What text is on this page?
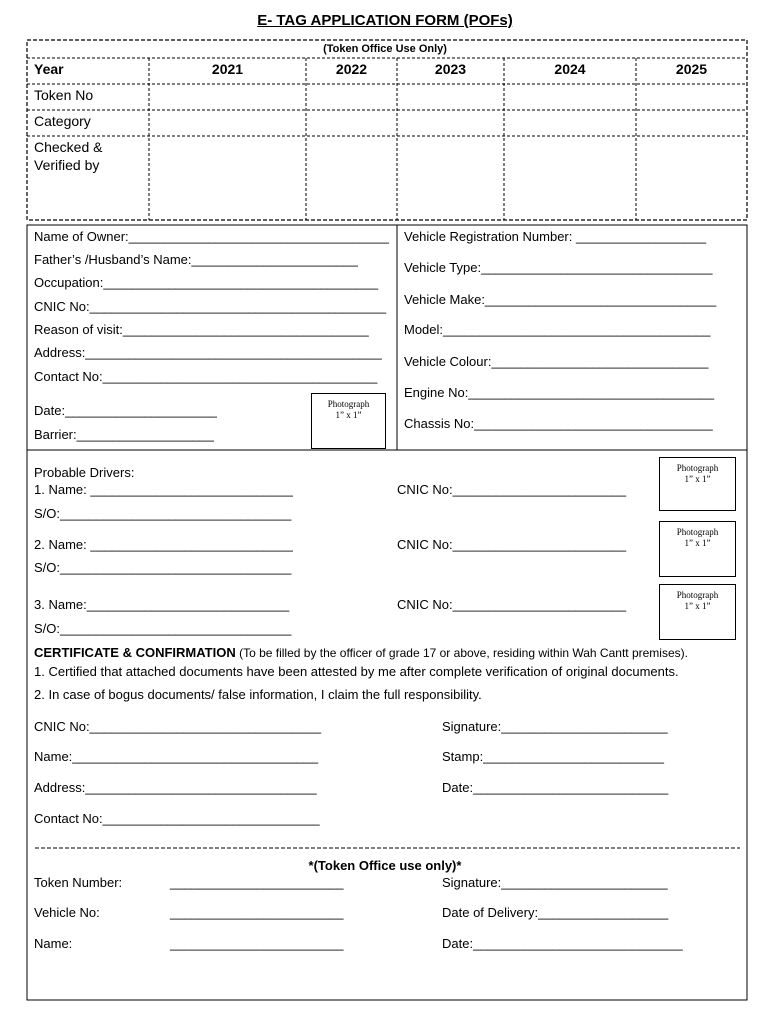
E- TAG APPLICATION FORM (POFs)
(Token Office Use Only)
Year	2021	2022	2023	2024	2025
Token No
Category
Checked &
Verified by
Name of Owner:____________________________________
Father’s /Husband’s Name:_______________________
Occupation:______________________________________
CNIC No:_________________________________________
Reason of visit:__________________________________
Address:_________________________________________
Contact No:______________________________________
Date:_____________________
Barrier:___________________
Photograph
1” x 1”
Vehicle Registration Number: __________________
Vehicle Type:________________________________
Vehicle Make:________________________________
Model:_____________________________________
Vehicle Colour:______________________________
Engine No:__________________________________
Chassis No:_________________________________
Probable Drivers:
1. Name: ____________________________	CNIC No:________________________
S/O:________________________________
2. Name: ____________________________	CNIC No:________________________
S/O:________________________________
3. Name:____________________________	CNIC No:________________________
S/O:________________________________
Photograph
1” x 1”
Photograph
1” x 1”
Photograph
1” x 1”
CERTIFICATE & CONFIRMATION (To be filled by the officer of grade 17 or above, residing within Wah Cantt premises).
1. Certified that attached documents have been attested by me after complete verification of original documents.
2. In case of bogus documents/ false information, I claim the full responsibility.
CNIC No:________________________________
Name:__________________________________
Address:________________________________
Contact No:______________________________
Signature:_______________________
Stamp:_________________________
Date:___________________________
*(Token Office use only)*
Token Number:	________________________
Vehicle No:	________________________
Name:	________________________
Signature:_______________________
Date of Delivery:__________________
Date:_____________________________
